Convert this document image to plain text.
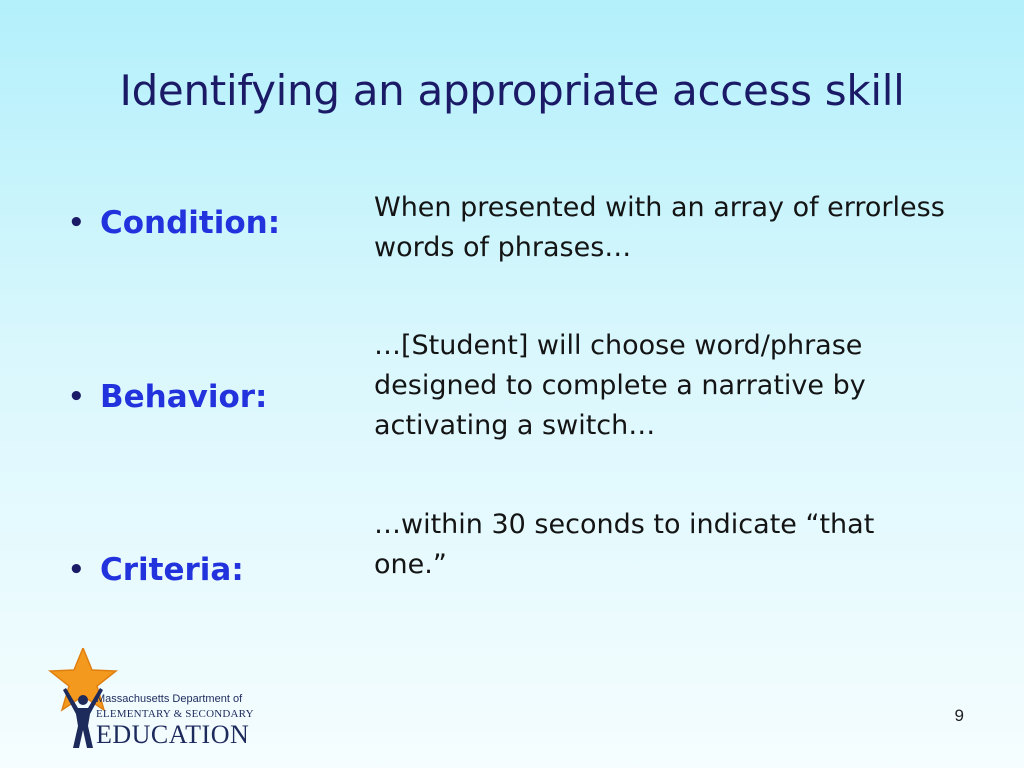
Identifying an appropriate access skill
• Condition:
• Behavior:
• Criteria:
When presented with an array of errorless words of phrases…
…[Student] will choose word/phrase designed to complete a narrative by activating a switch…
…within 30 seconds to indicate “that one.”
Massachusetts Department of
ELEMENTARY & SECONDARY
EDUCATION
9
